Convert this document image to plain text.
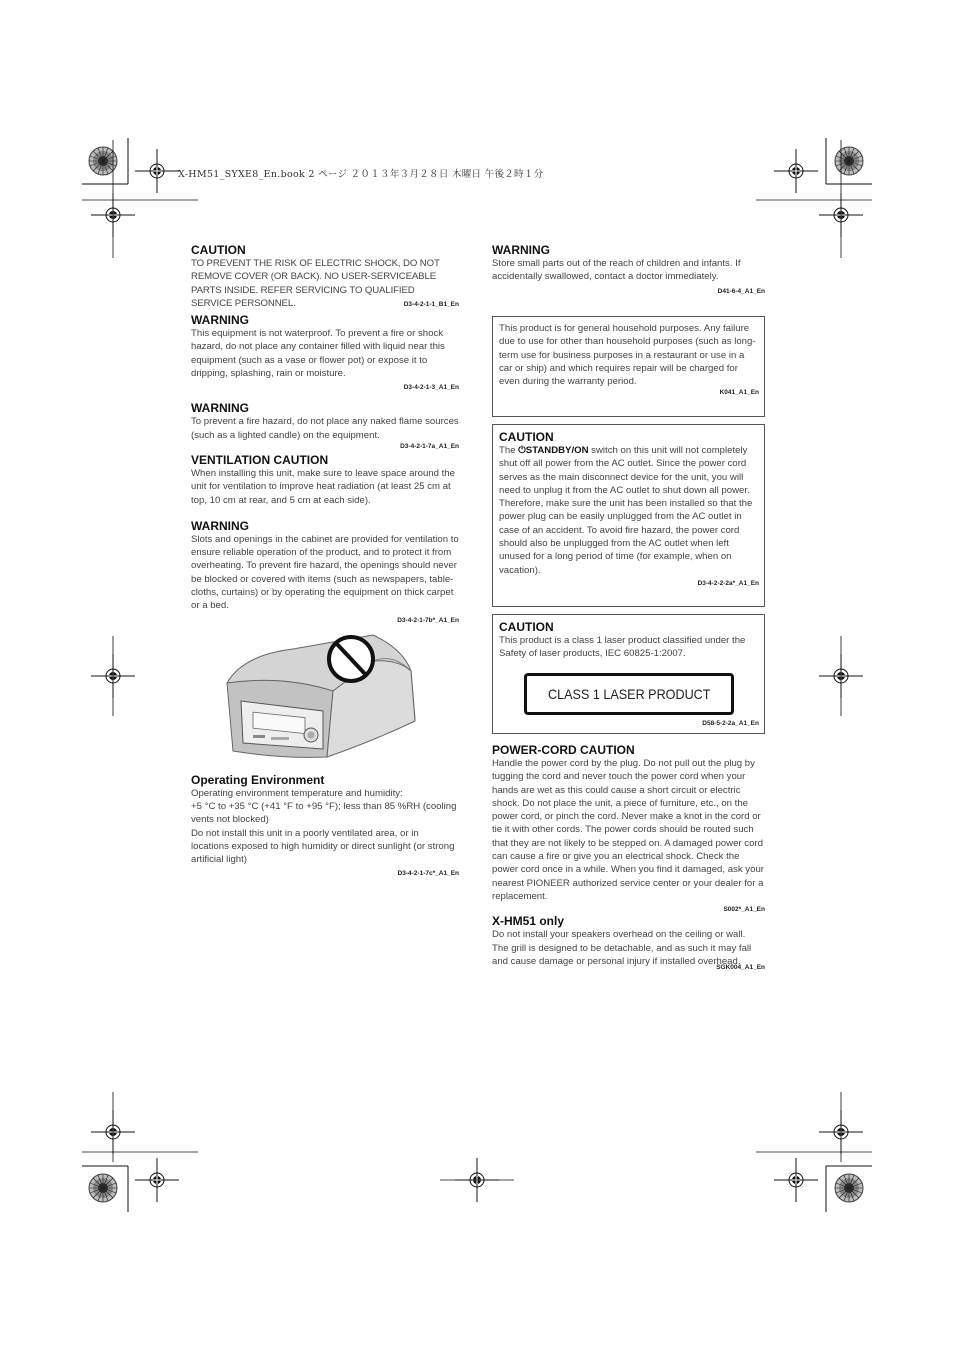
X-HM51_SYXE8_En.book 2 ページ ２０１３年３月２８日 木曜日 午後２時１分

CAUTION

TO PREVENT THE RISK OF ELECTRIC SHOCK, DO NOT REMOVE COVER (OR BACK). NO USER-SERVICEABLE PARTS INSIDE. REFER SERVICING TO QUALIFIED SERVICE PERSONNEL.	D3-4-2-1-1_B1_En

WARNING

This equipment is not waterproof. To prevent a fire or shock hazard, do not place any container filled with liquid near this equipment (such as a vase or flower pot) or expose it to dripping, splashing, rain or moisture.

D3-4-2-1-3_A1_En

WARNING

To prevent a fire hazard, do not place any naked flame sources (such as a lighted candle) on the equipment.

D3-4-2-1-7a_A1_En

VENTILATION CAUTION

When installing this unit, make sure to leave space around the unit for ventilation to improve heat radiation (at least 25 cm at top, 10 cm at rear, and 5 cm at each side).

WARNING

Slots and openings in the cabinet are provided for ventilation to ensure reliable operation of the product, and to protect it from overheating. To prevent fire hazard, the openings should never be blocked or covered with items (such as newspapers, table-cloths, curtains) or by operating the equipment on thick carpet or a bed.

D3-4-2-1-7b*_A1_En

Operating Environment

Operating environment temperature and humidity:

+5 °C to +35 °C (+41 °F to +95 °F); less than 85 %RH (cooling vents not blocked)

Do not install this unit in a poorly ventilated area, or in locations exposed to high humidity or direct sunlight (or strong artificial light)

D3-4-2-1-7c*_A1_En

WARNING

Store small parts out of the reach of children and infants. If accidentally swallowed, contact a doctor immediately.

D41-6-4_A1_En

This product is for general household purposes. Any failure due to use for other than household purposes (such as long-term use for business purposes in a restaurant or use in a car or ship) and which requires repair will be charged for even during the warranty period.

K041_A1_En

CAUTION

The ⏻STANDBY/ON switch on this unit will not completely shut off all power from the AC outlet. Since the power cord serves as the main disconnect device for the unit, you will need to unplug it from the AC outlet to shut down all power. Therefore, make sure the unit has been installed so that the power plug can be easily unplugged from the AC outlet in case of an accident. To avoid fire hazard, the power cord should also be unplugged from the AC outlet when left unused for a long period of time (for example, when on vacation).

D3-4-2-2-2a*_A1_En

CAUTION

This product is a class 1 laser product classified under the Safety of laser products, IEC 60825-1:2007.

CLASS 1 LASER PRODUCT
D58-5-2-2a_A1_En

POWER-CORD CAUTION

Handle the power cord by the plug. Do not pull out the plug by tugging the cord and never touch the power cord when your hands are wet as this could cause a short circuit or electric shock. Do not place the unit, a piece of furniture, etc., on the power cord, or pinch the cord. Never make a knot in the cord or tie it with other cords. The power cords should be routed such that they are not likely to be stepped on. A damaged power cord can cause a fire or give you an electrical shock. Check the power cord once in a while. When you find it damaged, ask your nearest PIONEER authorized service center or your dealer for a replacement.

S002*_A1_En

X-HM51 only

Do not install your speakers overhead on the ceiling or wall. The grill is designed to be detachable, and as such it may fall and cause damage or personal injury if installed overhead.

SGK004_A1_En
